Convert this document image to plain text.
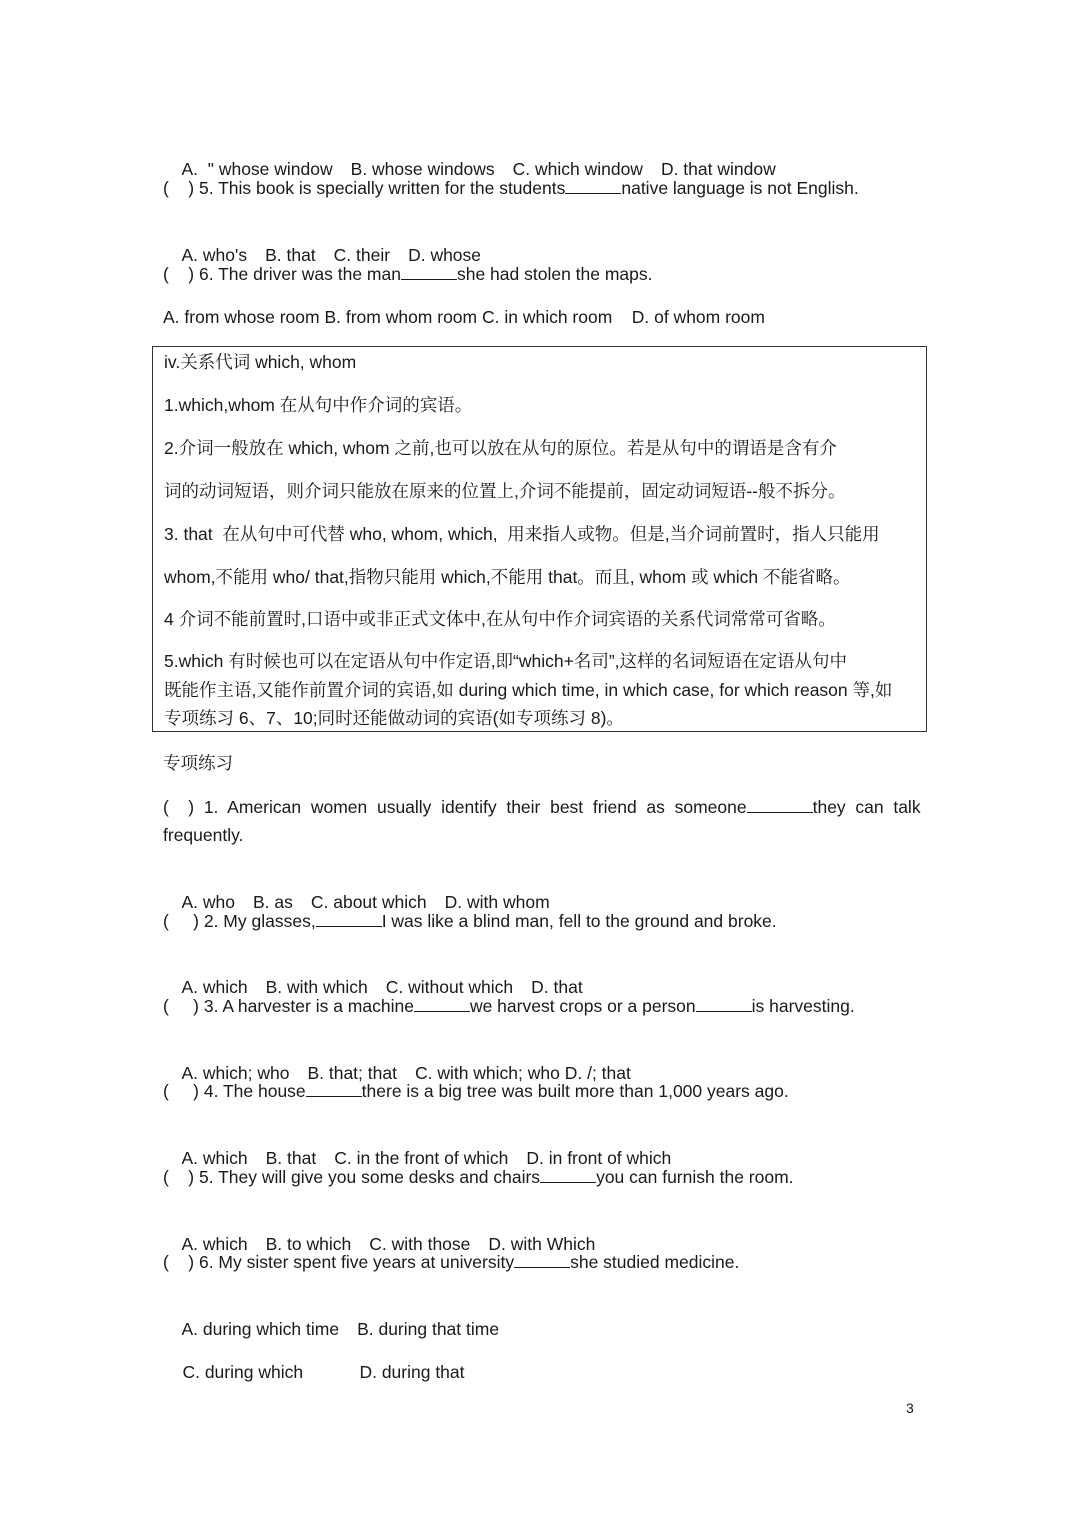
A.  " whose window B. whose windows C. which window D. that window

(    ) 5. This book is specially written for the students	native language is not English.

A. who's B. that C. their D. whose

(    ) 6. The driver was the man	she had stolen the maps.
A. from whose room B. from whom room C. in which room    D. of whom room
iv.关系代词 which, whom
1.which,whom 在从句中作介词的宾语。
2.介词一般放在 which, whom 之前,也可以放在从句的原位。若是从句中的谓语是含有介
词的动词短语，则介词只能放在原来的位置上,介词不能提前，固定动词短语--般不拆分。
3. that  在从句中可代替 who, whom, which,  用来指人或物。但是,当介词前置时，指人只能用
whom,不能用 who/ that,指物只能用 which,不能用 that。而且, whom 或 which 不能省略。
4 介词不能前置时,口语中或非正式文体中,在从句中作介词宾语的关系代词常常可省略。
5.which 有时候也可以在定语从句中作定语,即“which+名司”,这样的名词短语在定语从句中
既能作主语,又能作前置介词的宾语,如 during which time, in which case, for which reason 等,如
专项练习 6、7、10;同时还能做动词的宾语(如专项练习 8)。
专项练习
(    )  1.  American  women  usually  identify  their  best  friend  as  someone	they  can  talk
frequently.

A. who B. as C. about which D. with whom

(     ) 2. My glasses,	I was like a blind man, fell to the ground and broke.

A. which B. with which C. without which D. that

(     ) 3. A harvester is a machine	we harvest crops or a person	is harvesting.

A. which; who B. that; that C. with which; who D. /; that

(     ) 4. The house	there is a big tree was built more than 1,000 years ago.

A. which B. that C. in the front of which D. in front of which

(    ) 5. They will give you some desks and chairs	you can furnish the room.

A. which B. to which C. with those D. with Which

(    ) 6. My sister spent five years at university	she studied medicine.

A. during which time B. during that time

C. during which	D. during that

3
